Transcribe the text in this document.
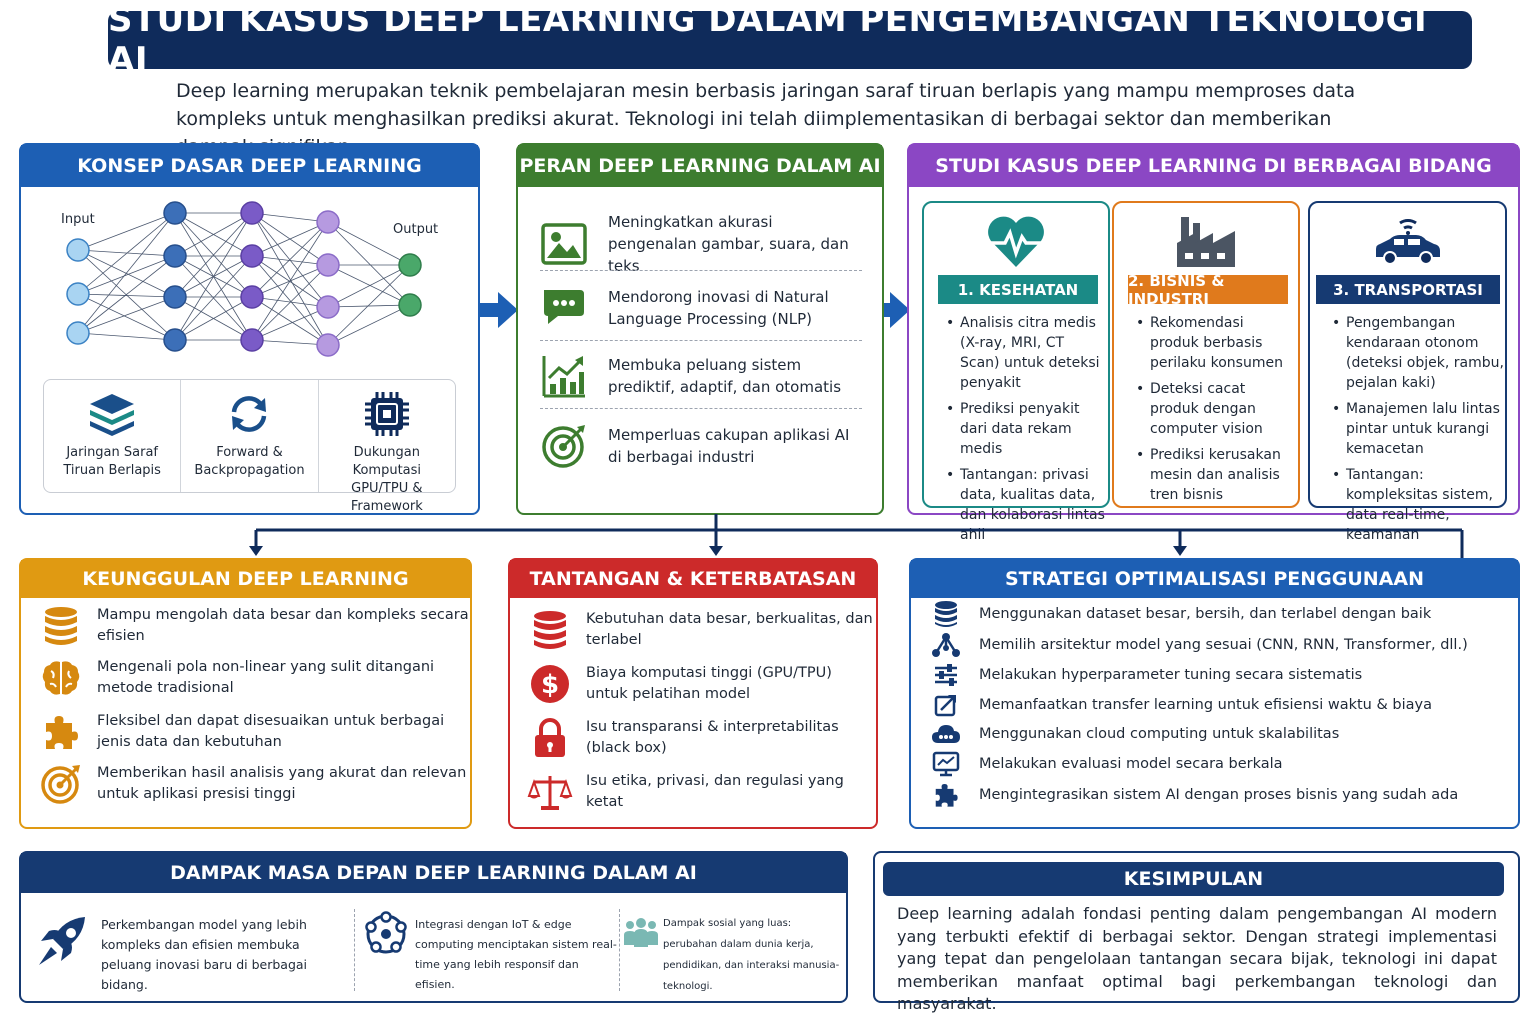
STUDI KASUS DEEP LEARNING DALAM PENGEMBANGAN TEKNOLOGI AI

Deep learning merupakan teknik pembelajaran mesin berbasis jaringan saraf tiruan berlapis yang mampu memproses data kompleks untuk menghasilkan prediksi akurat. Teknologi ini telah diimplementasikan di berbagai sektor dan memberikan

KONSEP DASAR DEEP LEARNING
Input
Output
Jaringan Saraf
Tiruan Berlapis
Forward &
Backpropagation
Dukungan Komputasi
GPU/TPU & Framework
PERAN DEEP LEARNING DALAM AI
Meningkatkan akurasi pengenalan gambar, suara, dan teks
Mendorong inovasi di Natural Language Processing (NLP)
Membuka peluang sistem prediktif, adaptif, dan otomatis
Memperluas cakupan aplikasi AI di berbagai industri
STUDI KASUS DEEP LEARNING DI BERBAGAI BIDANG
1. KESEHATAN
• Analisis citra medis (X-ray, MRI, CT Scan) untuk deteksi penyakit
• Prediksi penyakit dari data rekam medis
• Tantangan: privasi data, kualitas data, dan kolaborasi lintas ahli
2. BISNIS & INDUSTRI
• Rekomendasi produk berbasis perilaku konsumen
• Deteksi cacat produk dengan computer vision
• Prediksi kerusakan mesin dan analisis tren bisnis
3. TRANSPORTASI
• Pengembangan kendaraan otonom (deteksi objek, rambu, pejalan kaki)
• Manajemen lalu lintas pintar untuk kurangi kemacetan
• Tantangan: kompleksitas sistem, data real-time, keamanan
KEUNGGULAN DEEP LEARNING
Mampu mengolah data besar dan kompleks secara efisien
Mengenali pola non-linear yang sulit ditangani metode tradisional
Fleksibel dan dapat disesuaikan untuk berbagai jenis data dan kebutuhan
Memberikan hasil analisis yang akurat dan relevan untuk aplikasi presisi tinggi
TANTANGAN & KETERBATASAN
Kebutuhan data besar, berkualitas, dan terlabel
$ Biaya komputasi tinggi (GPU/TPU) untuk pelatihan model
Isu transparansi & interpretabilitas (black box)
Isu etika, privasi, dan regulasi yang ketat
STRATEGI OPTIMALISASI PENGGUNAAN
Menggunakan dataset besar, bersih, dan terlabel dengan baik
Memilih arsitektur model yang sesuai (CNN, RNN, Transformer, dll.)
Melakukan hyperparameter tuning secara sistematis
Memanfaatkan transfer learning untuk efisiensi waktu & biaya
Menggunakan cloud computing untuk skalabilitas
Melakukan evaluasi model secara berkala
Mengintegrasikan sistem AI dengan proses bisnis yang sudah ada
DAMPAK MASA DEPAN DEEP LEARNING DALAM AI
Perkembangan model yang lebih kompleks dan efisien membuka peluang inovasi baru di berbagai bidang.
Integrasi dengan IoT & edge computing menciptakan sistem real-time yang lebih responsif dan efisien.
Dampak sosial yang luas: perubahan dalam dunia kerja, pendidikan, dan interaksi manusia-teknologi.
KESIMPULAN

Deep learning adalah fondasi penting dalam pengembangan AI modern yang terbukti efektif di berbagai sektor. Dengan strategi implementasi yang tepat dan pengelolaan tantangan secara bijak, teknologi ini dapat memberikan manfaat optimal bagi perkembangan teknologi dan masyarakat.
